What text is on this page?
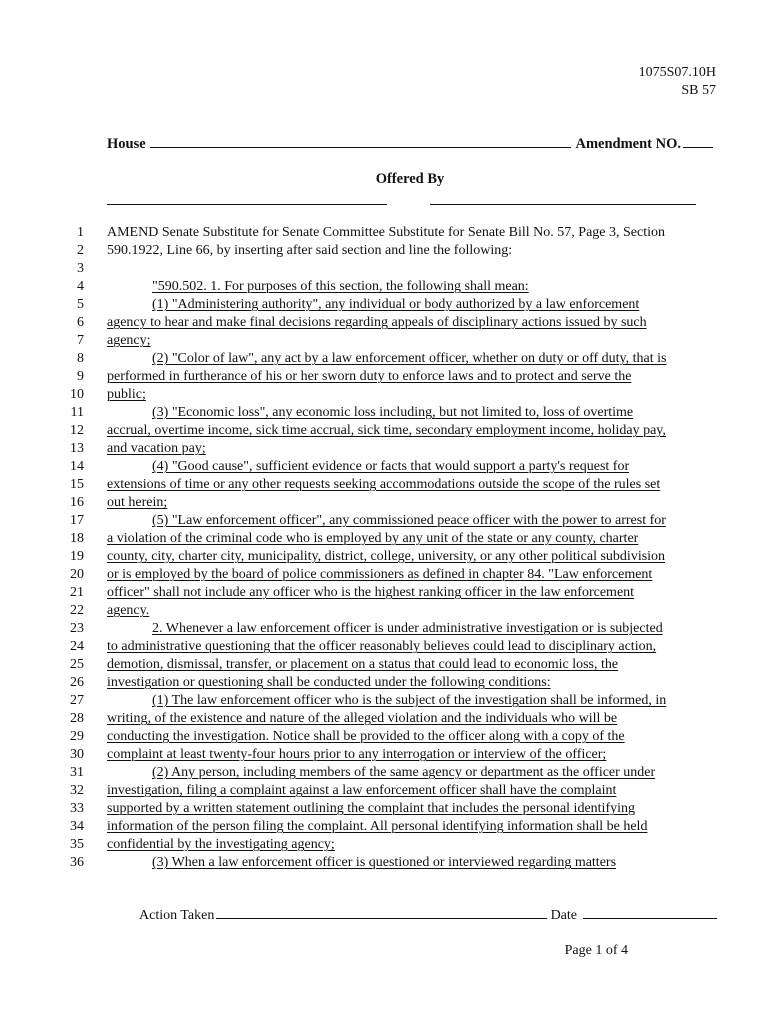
1075S07.10H
SB 57
House	Amendment NO.
Offered By
1 AMEND Senate Substitute for Senate Committee Substitute for Senate Bill No. 57, Page 3, Section
2 590.1922, Line 66, by inserting after said section and line the following:
3
4	"590.502. 1. For purposes of this section, the following shall mean:
5	(1) "Administering authority", any individual or body authorized by a law enforcement
6 agency to hear and make final decisions regarding appeals of disciplinary actions issued by such
7 agency;
8	(2) "Color of law", any act by a law enforcement officer, whether on duty or off duty, that is
9 performed in furtherance of his or her sworn duty to enforce laws and to protect and serve the
10 public;
11	(3) "Economic loss", any economic loss including, but not limited to, loss of overtime
12 accrual, overtime income, sick time accrual, sick time, secondary employment income, holiday pay,
13 and vacation pay;
14	(4) "Good cause", sufficient evidence or facts that would support a party's request for
15 extensions of time or any other requests seeking accommodations outside the scope of the rules set
16 out herein;
17	(5) "Law enforcement officer", any commissioned peace officer with the power to arrest for
18 a violation of the criminal code who is employed by any unit of the state or any county, charter
19 county, city, charter city, municipality, district, college, university, or any other political subdivision
20 or is employed by the board of police commissioners as defined in chapter 84. "Law enforcement
21 officer" shall not include any officer who is the highest ranking officer in the law enforcement
22 agency.
23	2. Whenever a law enforcement officer is under administrative investigation or is subjected
24 to administrative questioning that the officer reasonably believes could lead to disciplinary action,
25 demotion, dismissal, transfer, or placement on a status that could lead to economic loss, the
26 investigation or questioning shall be conducted under the following conditions:
27	(1) The law enforcement officer who is the subject of the investigation shall be informed, in
28 writing, of the existence and nature of the alleged violation and the individuals who will be
29 conducting the investigation. Notice shall be provided to the officer along with a copy of the
30 complaint at least twenty-four hours prior to any interrogation or interview of the officer;
31	(2) Any person, including members of the same agency or department as the officer under
32 investigation, filing a complaint against a law enforcement officer shall have the complaint
33 supported by a written statement outlining the complaint that includes the personal identifying
34 information of the person filing the complaint. All personal identifying information shall be held
35 confidential by the investigating agency;
36	(3) When a law enforcement officer is questioned or interviewed regarding matters
Action Taken	Date
Page 1 of 4
